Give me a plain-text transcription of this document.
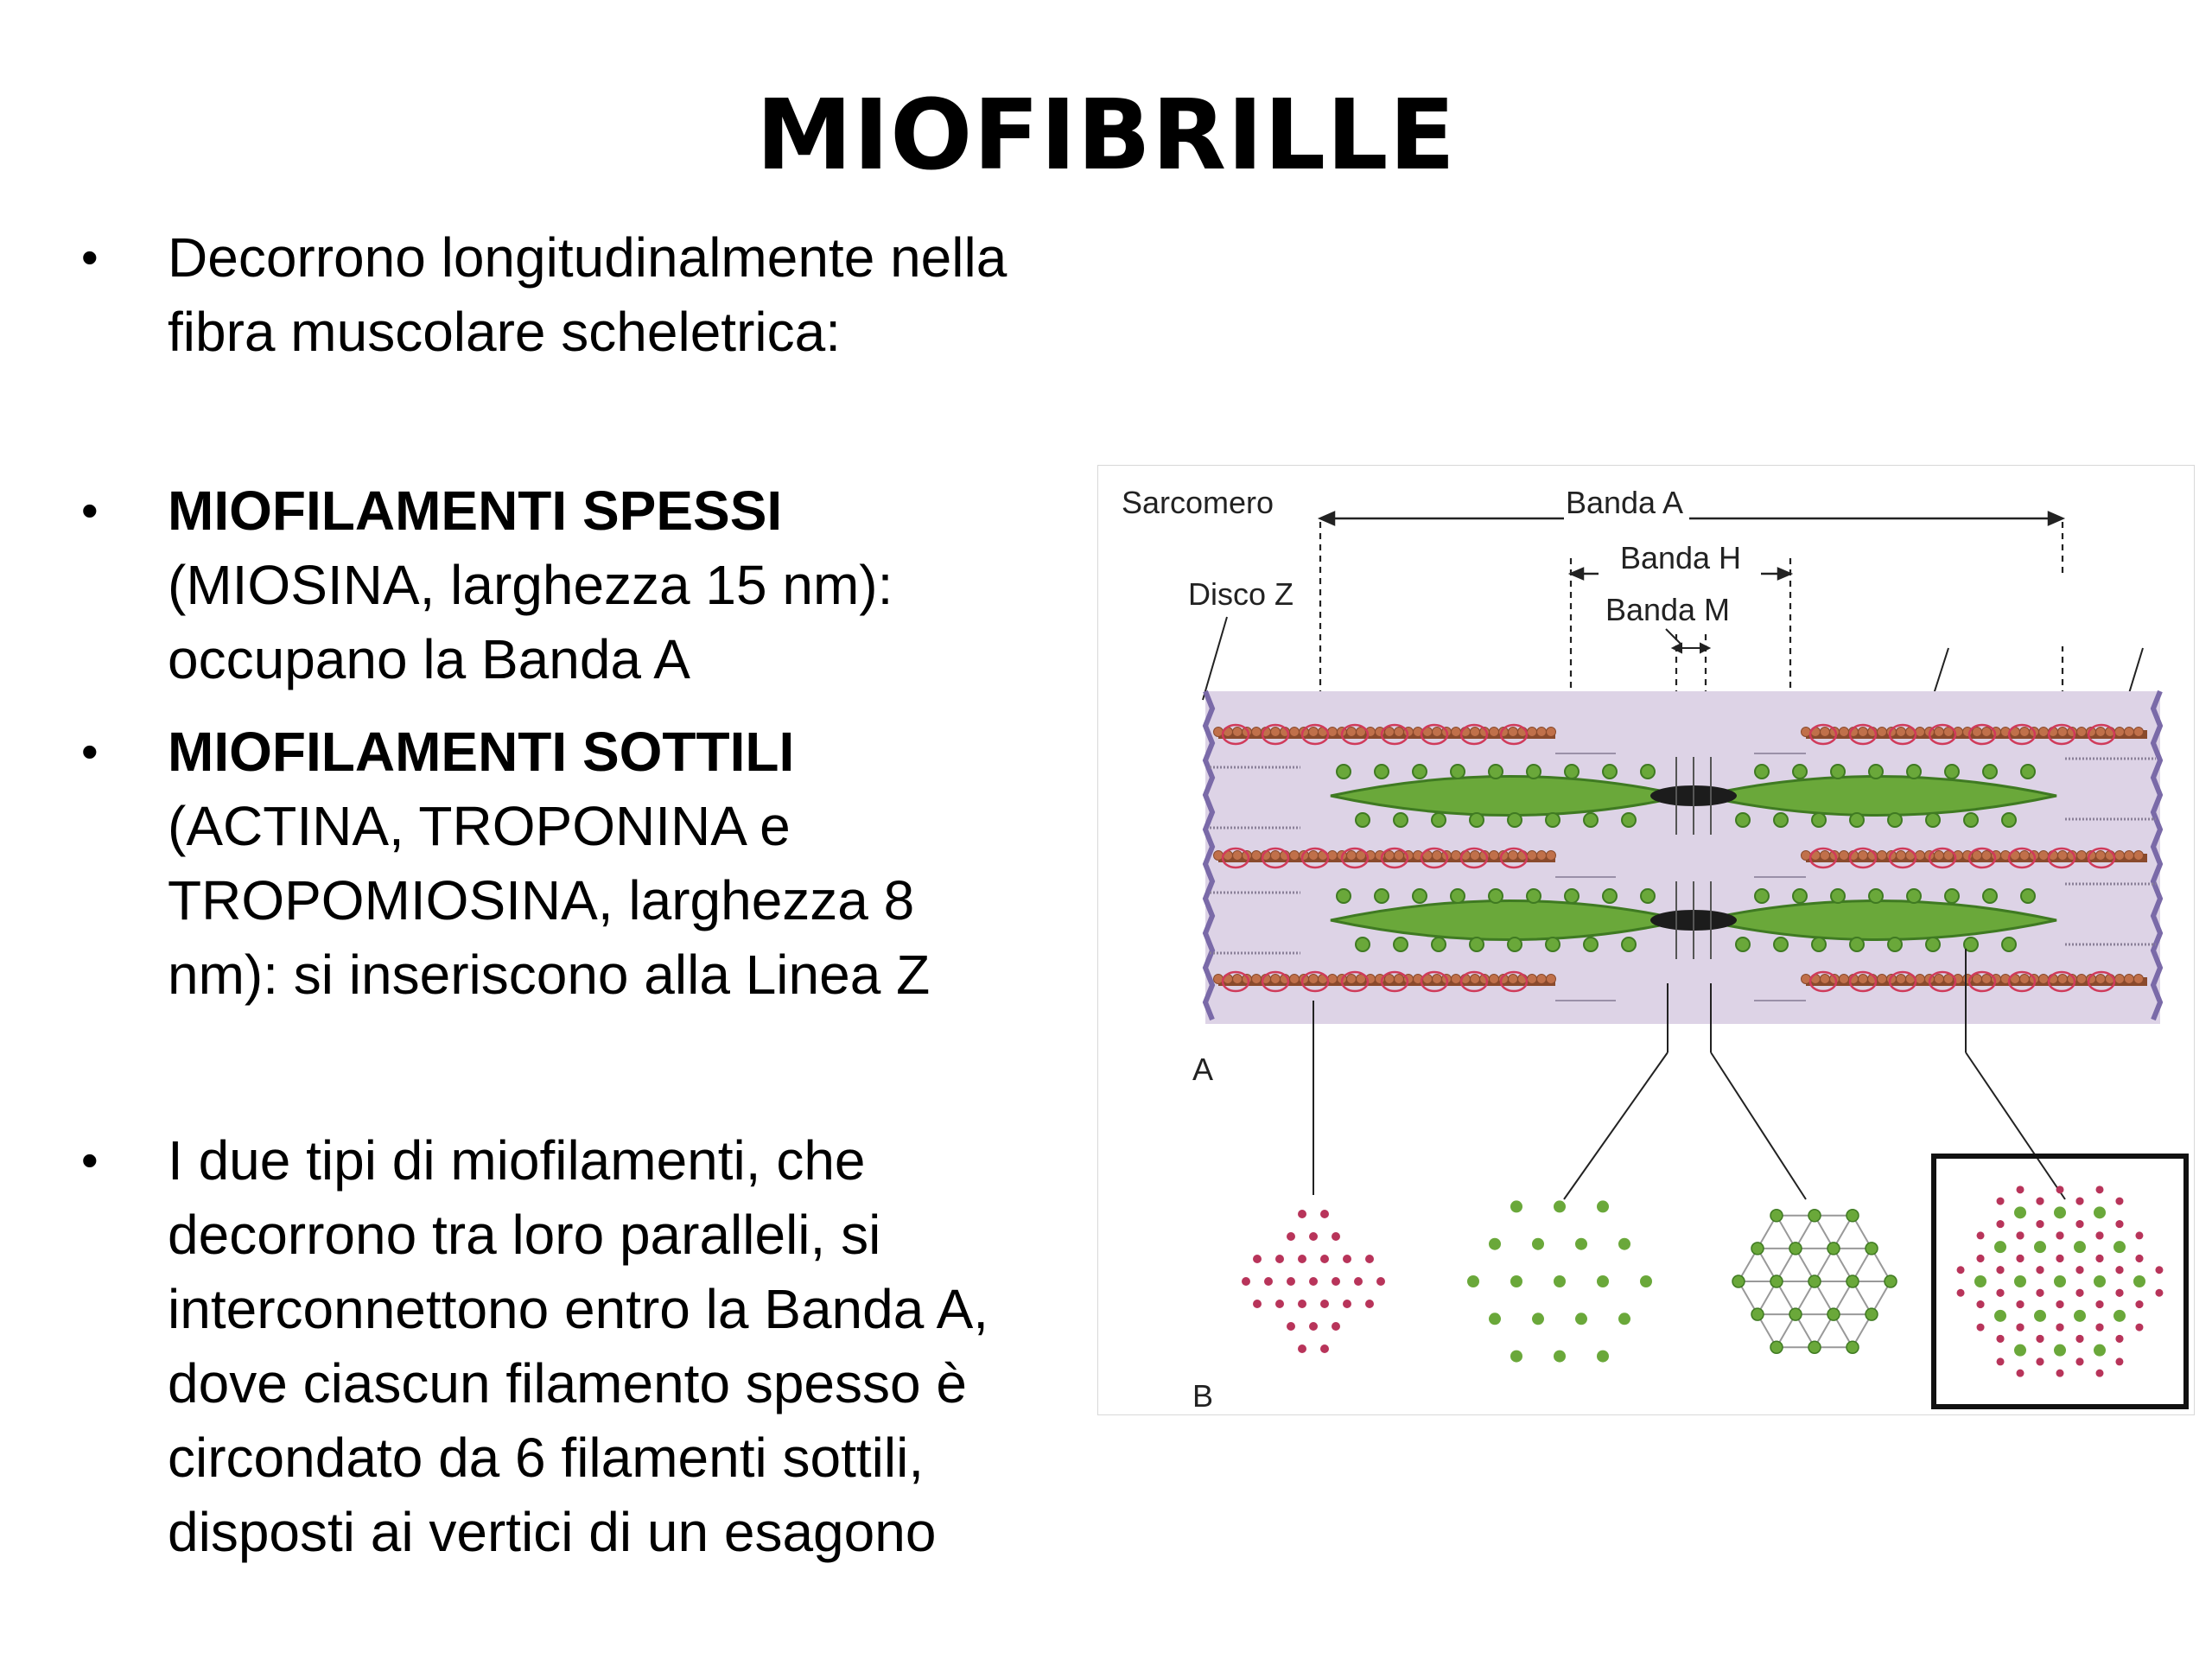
MIOFIBRILLE
• Decorrono longitudinalmente nella
fibra muscolare scheletrica:
• MIOFILAMENTI SPESSI
(MIOSINA, larghezza 15 nm):
occupano la Banda A
• MIOFILAMENTI SOTTILI
(ACTINA, TROPONINA e
TROPOMIOSINA, larghezza 8
nm): si inseriscono alla Linea Z
• I due tipi di miofilamenti, che
decorrono tra loro paralleli, si
interconnettono entro la Banda A,
dove ciascun filamento spesso è
circondato da 6 filamenti sottili,
disposti ai vertici di un esagono
Sarcomero	Banda A
Banda H
Banda M
Disco Z
A
B
